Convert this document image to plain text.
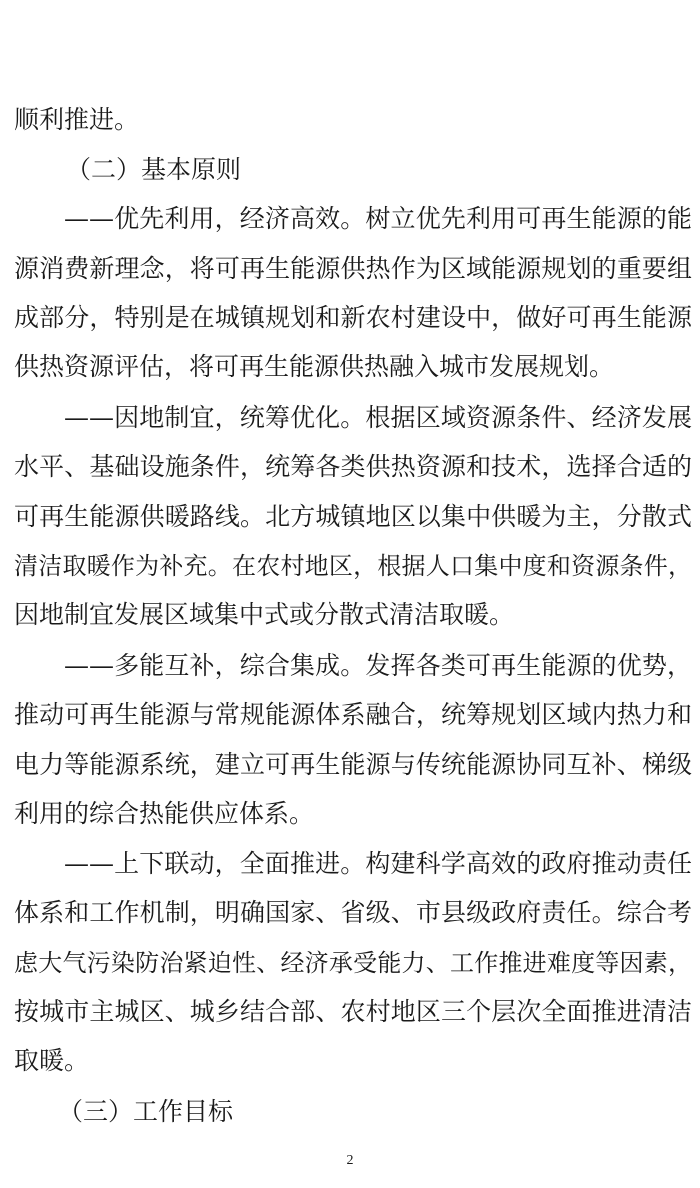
顺利推进。
（二）基本原则
——优先利用，经济高效。树立优先利用可再生能源的能
源消费新理念，将可再生能源供热作为区域能源规划的重要组
成部分，特别是在城镇规划和新农村建设中，做好可再生能源
供热资源评估，将可再生能源供热融入城市发展规划。
——因地制宜，统筹优化。根据区域资源条件、经济发展
水平、基础设施条件，统筹各类供热资源和技术，选择合适的
可再生能源供暖路线。北方城镇地区以集中供暖为主，分散式
清洁取暖作为补充。在农村地区，根据人口集中度和资源条件，
因地制宜发展区域集中式或分散式清洁取暖。
——多能互补，综合集成。发挥各类可再生能源的优势，
推动可再生能源与常规能源体系融合，统筹规划区域内热力和
电力等能源系统，建立可再生能源与传统能源协同互补、梯级
利用的综合热能供应体系。
——上下联动，全面推进。构建科学高效的政府推动责任
体系和工作机制，明确国家、省级、市县级政府责任。综合考
虑大气污染防治紧迫性、经济承受能力、工作推进难度等因素，
按城市主城区、城乡结合部、农村地区三个层次全面推进清洁
取暖。
（三）工作目标
2
